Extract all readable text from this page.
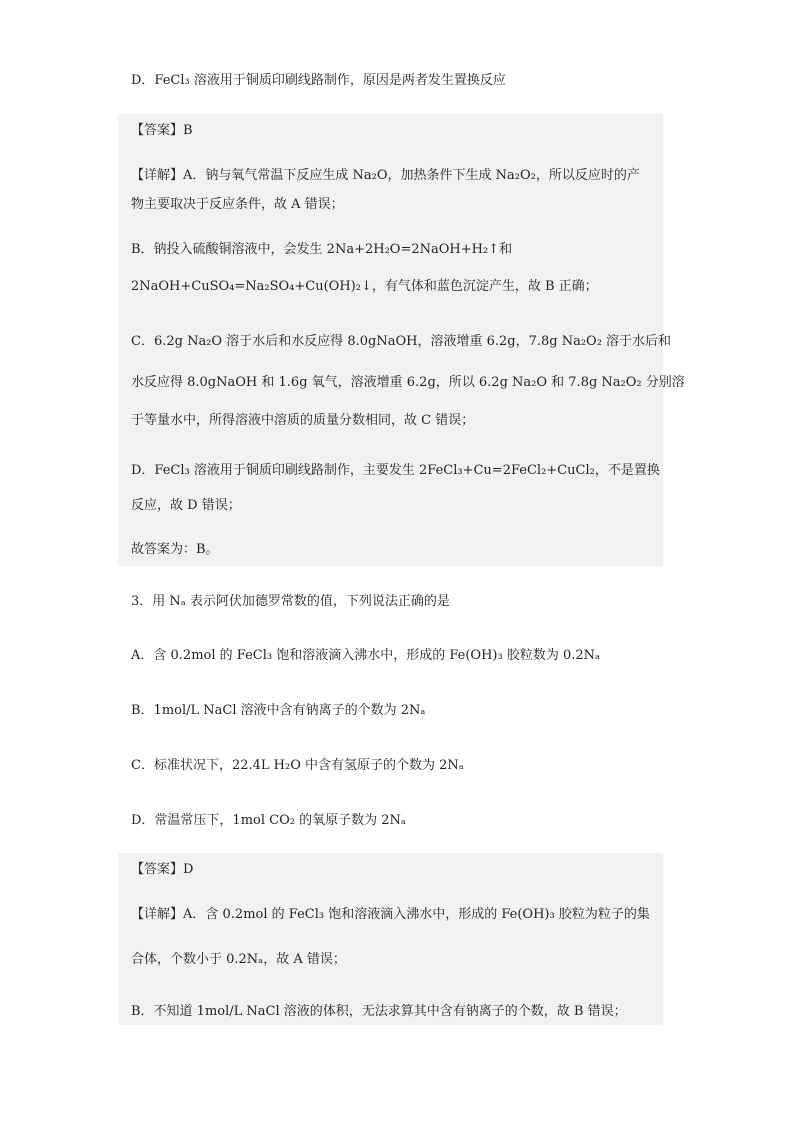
D．FeCl₃ 溶液用于铜质印刷线路制作，原因是两者发生置换反应
【答案】B
【详解】A．钠与氧气常温下反应生成 Na₂O，加热条件下生成 Na₂O₂，所以反应时的产
物主要取决于反应条件，故 A 错误；
B．钠投入硫酸铜溶液中，会发生 2Na+2H₂O=2NaOH+H₂↑和
2NaOH+CuSO₄=Na₂SO₄+Cu(OH)₂↓，有气体和蓝色沉淀产生，故 B 正确；
C．6.2g Na₂O 溶于水后和水反应得 8.0gNaOH，溶液增重 6.2g，7.8g Na₂O₂ 溶于水后和
水反应得 8.0gNaOH 和 1.6g 氧气，溶液增重 6.2g，所以 6.2g Na₂O 和 7.8g Na₂O₂ 分别溶
于等量水中，所得溶液中溶质的质量分数相同，故 C 错误；
D．FeCl₃ 溶液用于铜质印刷线路制作，主要发生 2FeCl₃+Cu=2FeCl₂+CuCl₂，不是置换
反应，故 D 错误；
故答案为：B。
3．用 Nₐ 表示阿伏加德罗常数的值，下列说法正确的是
A．含 0.2mol 的 FeCl₃ 饱和溶液滴入沸水中，形成的 Fe(OH)₃ 胶粒数为 0.2Nₐ
B．1mol/L NaCl 溶液中含有钠离子的个数为 2Nₐ
C．标准状况下，22.4L H₂O 中含有氢原子的个数为 2Nₐ
D．常温常压下，1mol CO₂ 的氧原子数为 2Nₐ
【答案】D
【详解】A．含 0.2mol 的 FeCl₃ 饱和溶液滴入沸水中，形成的 Fe(OH)₃ 胶粒为粒子的集
合体，个数小于 0.2Nₐ，故 A 错误；
B．不知道 1mol/L NaCl 溶液的体积，无法求算其中含有钠离子的个数，故 B 错误；
